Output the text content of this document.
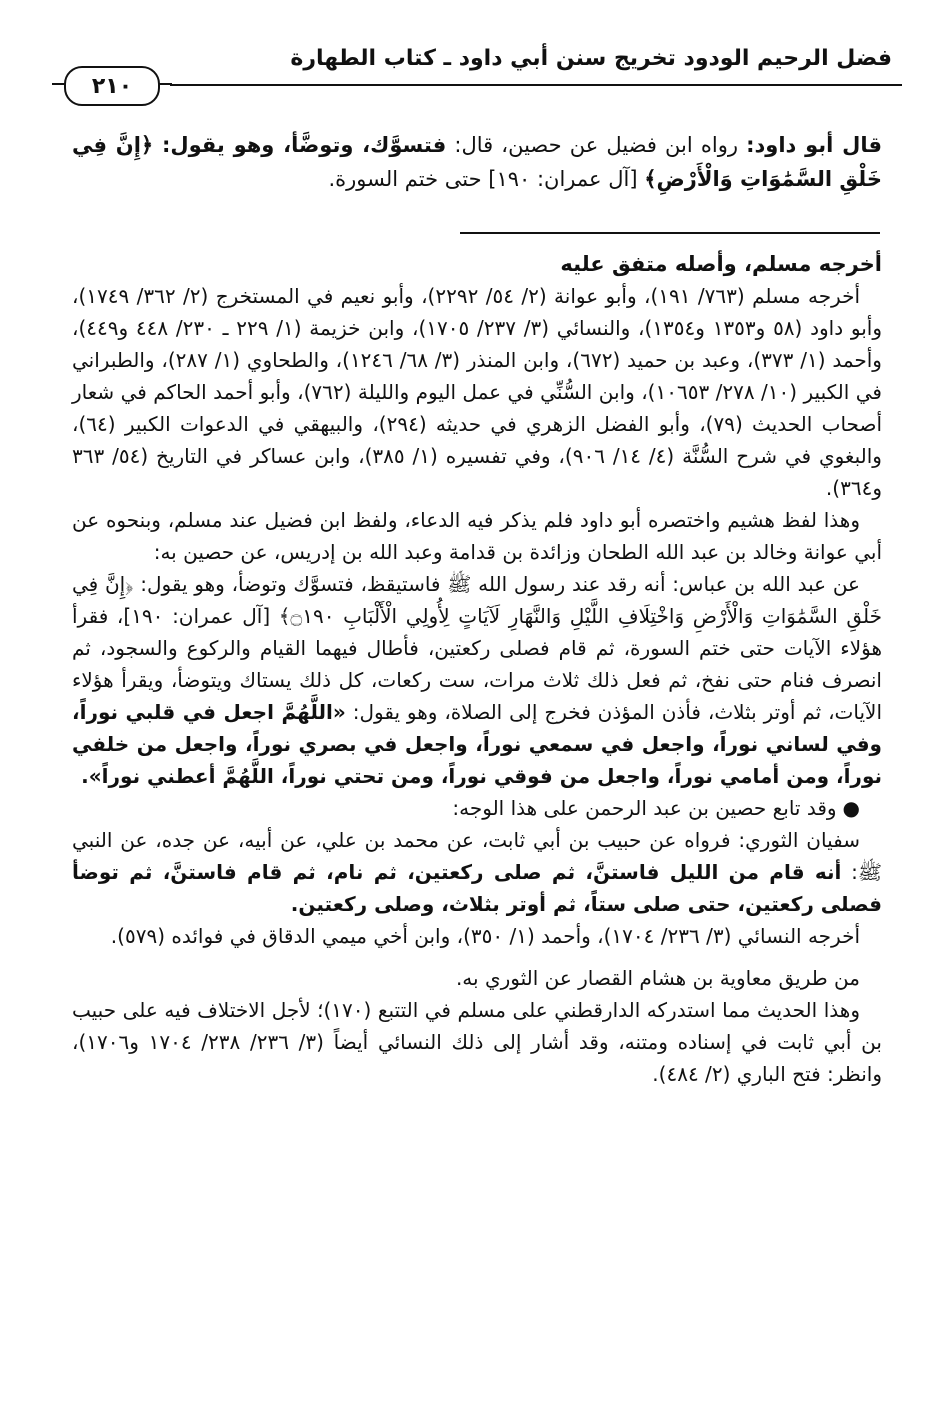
فضل الرحيم الودود تخريج سنن أبي داود ـ كتاب الطهارة
٢١٠

قال أبو داود: رواه ابن فضيل عن حصين، قال: فتسوَّك، وتوضَّأ، وهو يقول: ﴿إِنَّ فِي خَلْقِ السَّمَٰوَاتِ وَالْأَرْضِ﴾ [آل عمران: ١٩٠] حتى ختم السورة.

أخرجه مسلم، وأصله متفق عليه

أخرجه مسلم (٧٦٣/ ١٩١)، وأبو عوانة (٢/ ٥٤/ ٢٢٩٢)، وأبو نعيم في المستخرج (٢/ ٣٦٢/ ١٧٤٩)، وأبو داود (٥٨ و١٣٥٣ و١٣٥٤)، والنسائي (٣/ ٢٣٧/ ١٧٠٥)، وابن خزيمة (١/ ٢٢٩ ـ ٢٣٠/ ٤٤٨ و٤٤٩)، وأحمد (١/ ٣٧٣)، وعبد بن حميد (٦٧٢)، وابن المنذر (٣/ ٦٨/ ١٢٤٦)، والطحاوي (١/ ٢٨٧)، والطبراني في الكبير (١٠/ ٢٧٨/ ١٠٦٥٣)، وابن السُّنِّي في عمل اليوم والليلة (٧٦٢)، وأبو أحمد الحاكم في شعار أصحاب الحديث (٧٩)، وأبو الفضل الزهري في حديثه (٢٩٤)، والبيهقي في الدعوات الكبير (٦٤)، والبغوي في شرح السُّنَّة (٤/ ١٤/ ٩٠٦)، وفي تفسيره (١/ ٣٨٥)، وابن عساكر في التاريخ (٥٤/ ٣٦٣ و٣٦٤).

وهذا لفظ هشيم واختصره أبو داود فلم يذكر فيه الدعاء، ولفظ ابن فضيل عند مسلم، وبنحوه عن أبي عوانة وخالد بن عبد الله الطحان وزائدة بن قدامة وعبد الله بن إدريس، عن حصين به:

عن عبد الله بن عباس: أنه رقد عند رسول الله ﷺ فاستيقظ، فتسوَّك وتوضأ، وهو يقول: ﴿إِنَّ فِي خَلْقِ السَّمَٰوَاتِ وَالْأَرْضِ وَاخْتِلَافِ اللَّيْلِ وَالنَّهَارِ لَآيَاتٍ لِأُولِي الْأَلْبَابِ ۝١٩٠﴾ [آل عمران: ١٩٠]، فقرأ هؤلاء الآيات حتى ختم السورة، ثم قام فصلى ركعتين، فأطال فيهما القيام والركوع والسجود، ثم انصرف فنام حتى نفخ، ثم فعل ذلك ثلاث مرات، ست ركعات، كل ذلك يستاك ويتوضأ، ويقرأ هؤلاء الآيات، ثم أوتر بثلاث، فأذن المؤذن فخرج إلى الصلاة، وهو يقول: «اللَّهُمَّ اجعل في قلبي نوراً، وفي لساني نوراً، واجعل في سمعي نوراً، واجعل في بصري نوراً، واجعل من خلفي نوراً، ومن أمامي نوراً، واجعل من فوقي نوراً، ومن تحتي نوراً، اللَّهُمَّ أعطني نوراً».

●وقد تابع حصين بن عبد الرحمن على هذا الوجه:

سفيان الثوري: فرواه عن حبيب بن أبي ثابت، عن محمد بن علي، عن أبيه، عن جده، عن النبي ﷺ: أنه قام من الليل فاستنَّ، ثم صلى ركعتين، ثم نام، ثم قام فاستنَّ، ثم توضأ فصلى ركعتين، حتى صلى ستاً، ثم أوتر بثلاث، وصلى ركعتين.

أخرجه النسائي (٣/ ٢٣٦/ ١٧٠٤)، وأحمد (١/ ٣٥٠)، وابن أخي ميمي الدقاق في فوائده (٥٧٩).

من طريق معاوية بن هشام القصار عن الثوري به.

وهذا الحديث مما استدركه الدارقطني على مسلم في التتبع (١٧٠)؛ لأجل الاختلاف فيه على حبيب بن أبي ثابت في إسناده ومتنه، وقد أشار إلى ذلك النسائي أيضاً (٣/ ٢٣٦/ ٢٣٨/ ١٧٠٤ و١٧٠٦)، وانظر: فتح الباري (٢/ ٤٨٤).
